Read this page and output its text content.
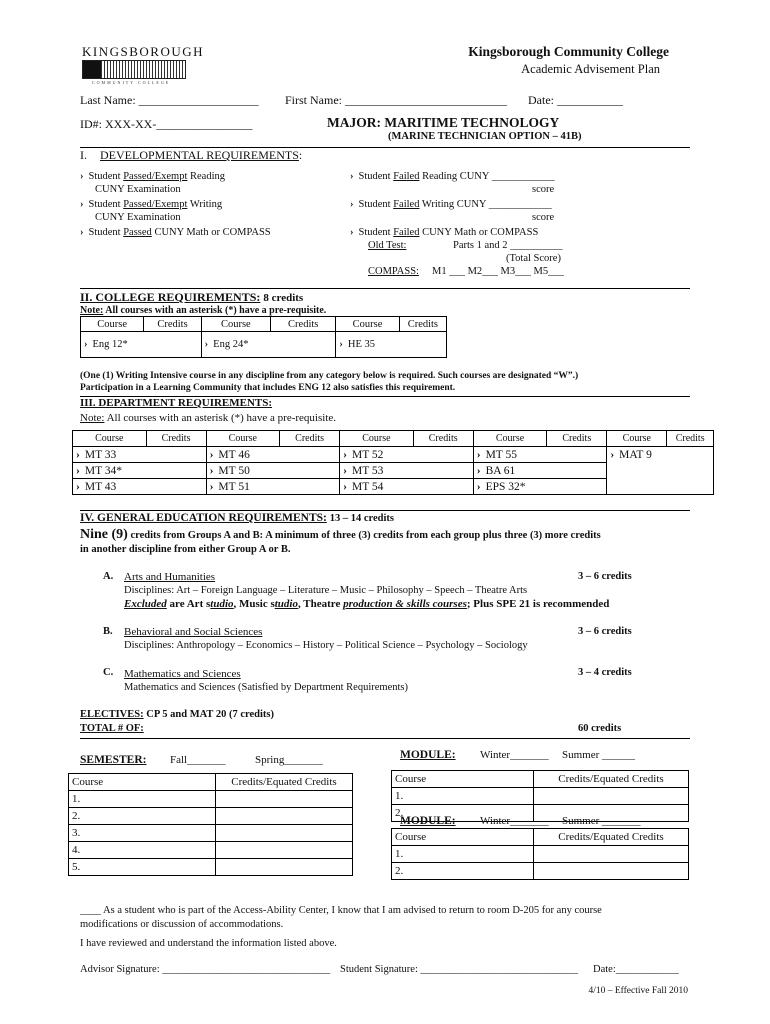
KINGSBOROUGH
COMMUNITY COLLEGE
Kingsborough Community College
Academic Advisement Plan
Last Name: ____________________ First Name: ___________________________ Date: ___________
ID#: XXX-XX-________________	MAJOR: MARITIME TECHNOLOGY
(MARINE TECHNICIAN OPTION – 41B)
I. DEVELOPMENTAL REQUIREMENTS:
› Student Passed/Exempt Reading
CUNY Examination
› Student Passed/Exempt Writing
CUNY Examination
› Student Passed CUNY Math or COMPASS
› Student Failed Reading CUNY ____________
score
› Student Failed Writing CUNY ____________
score
› Student Failed CUNY Math or COMPASS
Old Test:	Parts 1 and 2 __________
(Total Score)
COMPASS: M1 ___ M2___ M3___ M5___
II. COLLEGE REQUIREMENTS: 8 credits
Note: All courses with an asterisk (*) have a pre-requisite.
Course	Credits	Course	Credits	Course	Credits
› Eng 12*		› Eng 24*		› HE 35
(One (1) Writing Intensive course in any discipline from any category below is required. Such courses are designated “W”.)
Participation in a Learning Community that includes ENG 12 also satisfies this requirement.
III. DEPARTMENT REQUIREMENTS:
Note: All courses with an asterisk (*) have a pre-requisite.
Course	Credits	Course	Credits	Course	Credits	Course	Credits	Course	Credits
› MT 33		› MT 46		› MT 52		› MT 55		› MAT 9
› MT 34*		› MT 50		› MT 53		› BA 61	
› MT 43		› MT 51		› MT 54		› EPS 32*	
IV. GENERAL EDUCATION REQUIREMENTS: 13 – 14 credits
Nine (9) credits from Groups A and B: A minimum of three (3) credits from each group plus three (3) more credits
in another discipline from either Group A or B.
A. Arts and Humanities	3 – 6 credits
Disciplines: Art – Foreign Language – Literature – Music – Philosophy – Speech – Theatre Arts
Excluded are Art studio, Music studio, Theatre production & skills courses; Plus SPE 21 is recommended
B. Behavioral and Social Sciences	3 – 6 credits
Disciplines: Anthropology – Economics – History – Political Science – Psychology – Sociology
C. Mathematics and Sciences	3 – 4 credits
Mathematics and Sciences (Satisfied by Department Requirements)
ELECTIVES: CP 5 and MAT 20 (7 credits)
TOTAL # OF:	60 credits
SEMESTER: Fall_______	Spring_______
Course	Credits/Equated Credits
1.	
2.	
3.	
4.	
5.	
MODULE: Winter_______ Summer ______
Course	Credits/Equated Credits
1.	
2.	
MODULE: Winter_______ Summer _______
Course	Credits/Equated Credits
1.	
2.	
____ As a student who is part of the Access-Ability Center, I know that I am advised to return to room D-205 for any course
modifications or discussion of accommodations.
I have reviewed and understand the information listed above.
Advisor Signature: ________________________________ Student Signature: ______________________________ Date:____________
4/10 – Effective Fall 2010
